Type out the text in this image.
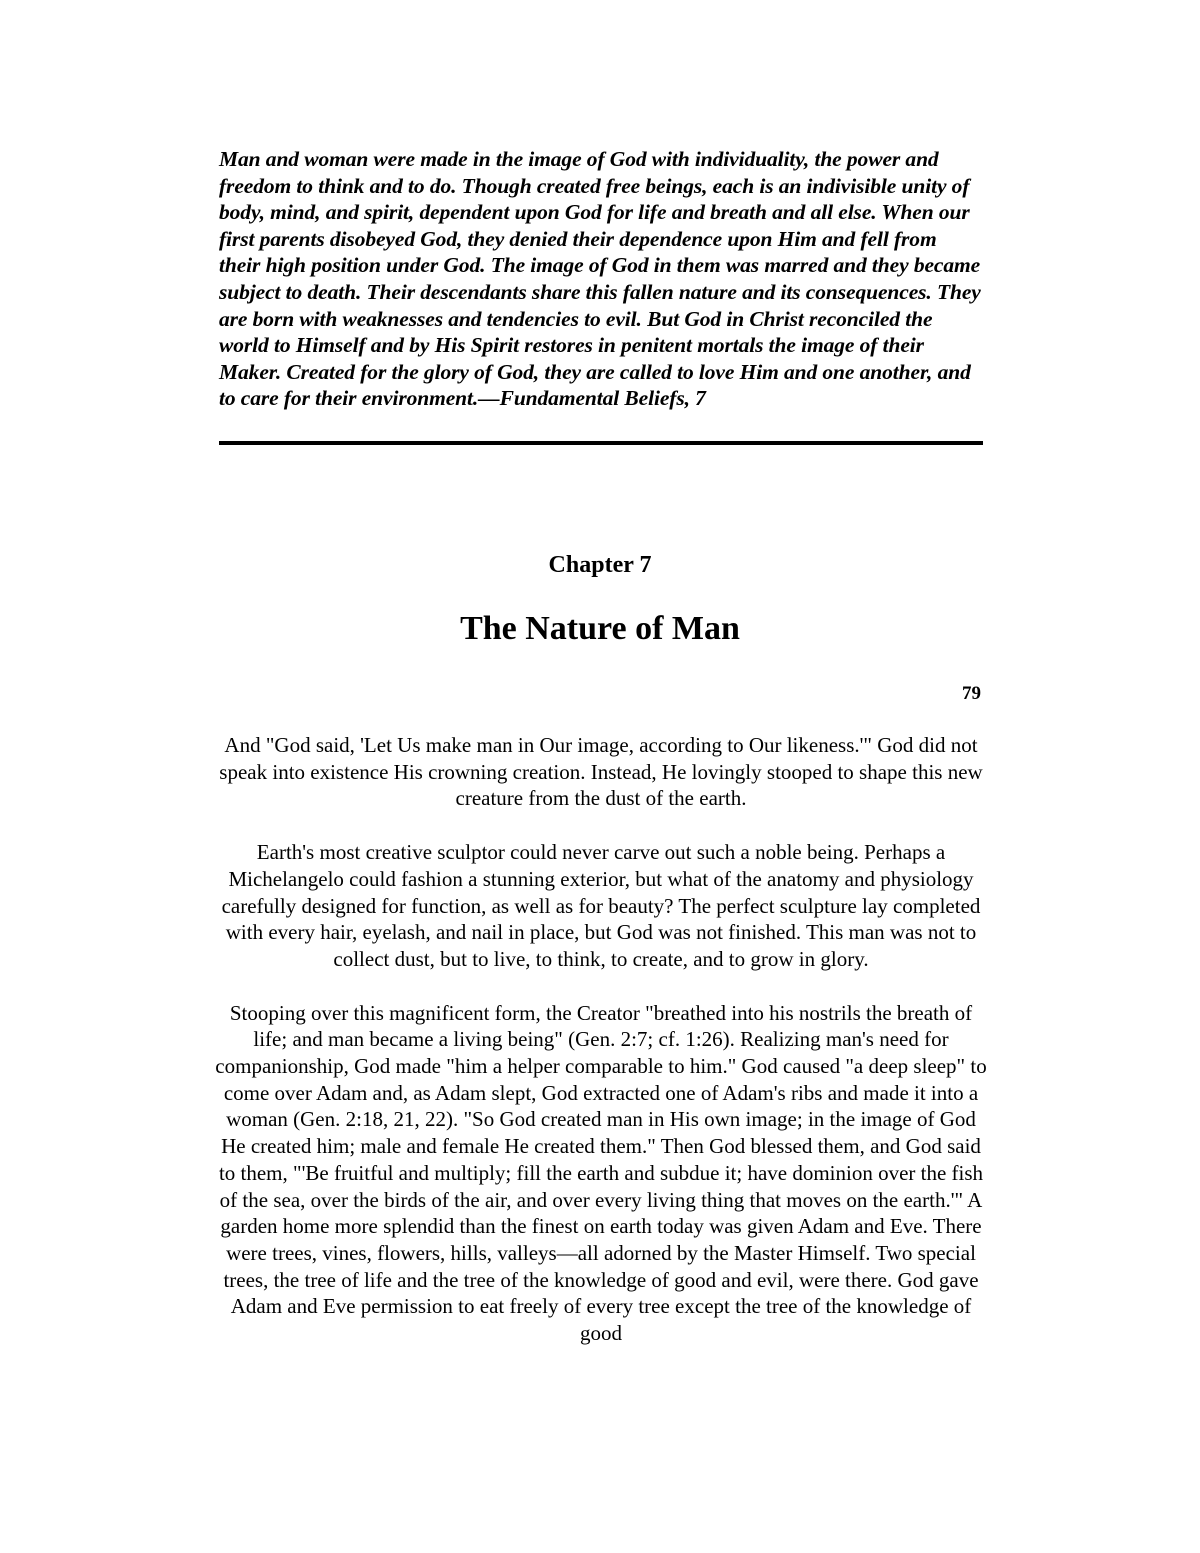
Man and woman were made in the image of God with individuality, the power and freedom to think and to do. Though created free beings, each is an indivisible unity of body, mind, and spirit, dependent upon God for life and breath and all else. When our first parents disobeyed God, they denied their dependence upon Him and fell from their high position under God. The image of God in them was marred and they became subject to death. Their descendants share this fallen nature and its consequences. They are born with weaknesses and tendencies to evil. But God in Christ reconciled the world to Himself and by His Spirit restores in penitent mortals the image of their Maker. Created for the glory of God, they are called to love Him and one another, and to care for their environment.—Fundamental Beliefs, 7

Chapter 7
The Nature of Man
79

And "God said, 'Let Us make man in Our image, according to Our likeness.'" God did not speak into existence His crowning creation. Instead, He lovingly stooped to shape this new creature from the dust of the earth.

Earth's most creative sculptor could never carve out such a noble being. Perhaps a Michelangelo could fashion a stunning exterior, but what of the anatomy and physiology carefully designed for function, as well as for beauty? The perfect sculpture lay completed with every hair, eyelash, and nail in place, but God was not finished. This man was not to collect dust, but to live, to think, to create, and to grow in glory.

Stooping over this magnificent form, the Creator "breathed into his nostrils the breath of life; and man became a living being" (Gen. 2:7; cf. 1:26). Realizing man's need for companionship, God made "him a helper comparable to him." God caused "a deep sleep" to come over Adam and, as Adam slept, God extracted one of Adam's ribs and made it into a woman (Gen. 2:18, 21, 22). "So God created man in His own image; in the image of God He created him; male and female He created them." Then God blessed them, and God said to them, "'Be fruitful and multiply; fill the earth and subdue it; have dominion over the fish of the sea, over the birds of the air, and over every living thing that moves on the earth.'" A garden home more splendid than the finest on earth today was given Adam and Eve. There were trees, vines, flowers, hills, valleys—all adorned by the Master Himself. Two special trees, the tree of life and the tree of the knowledge of good and evil, were there. God gave Adam and Eve permission to eat freely of every tree except the tree of the knowledge of good
